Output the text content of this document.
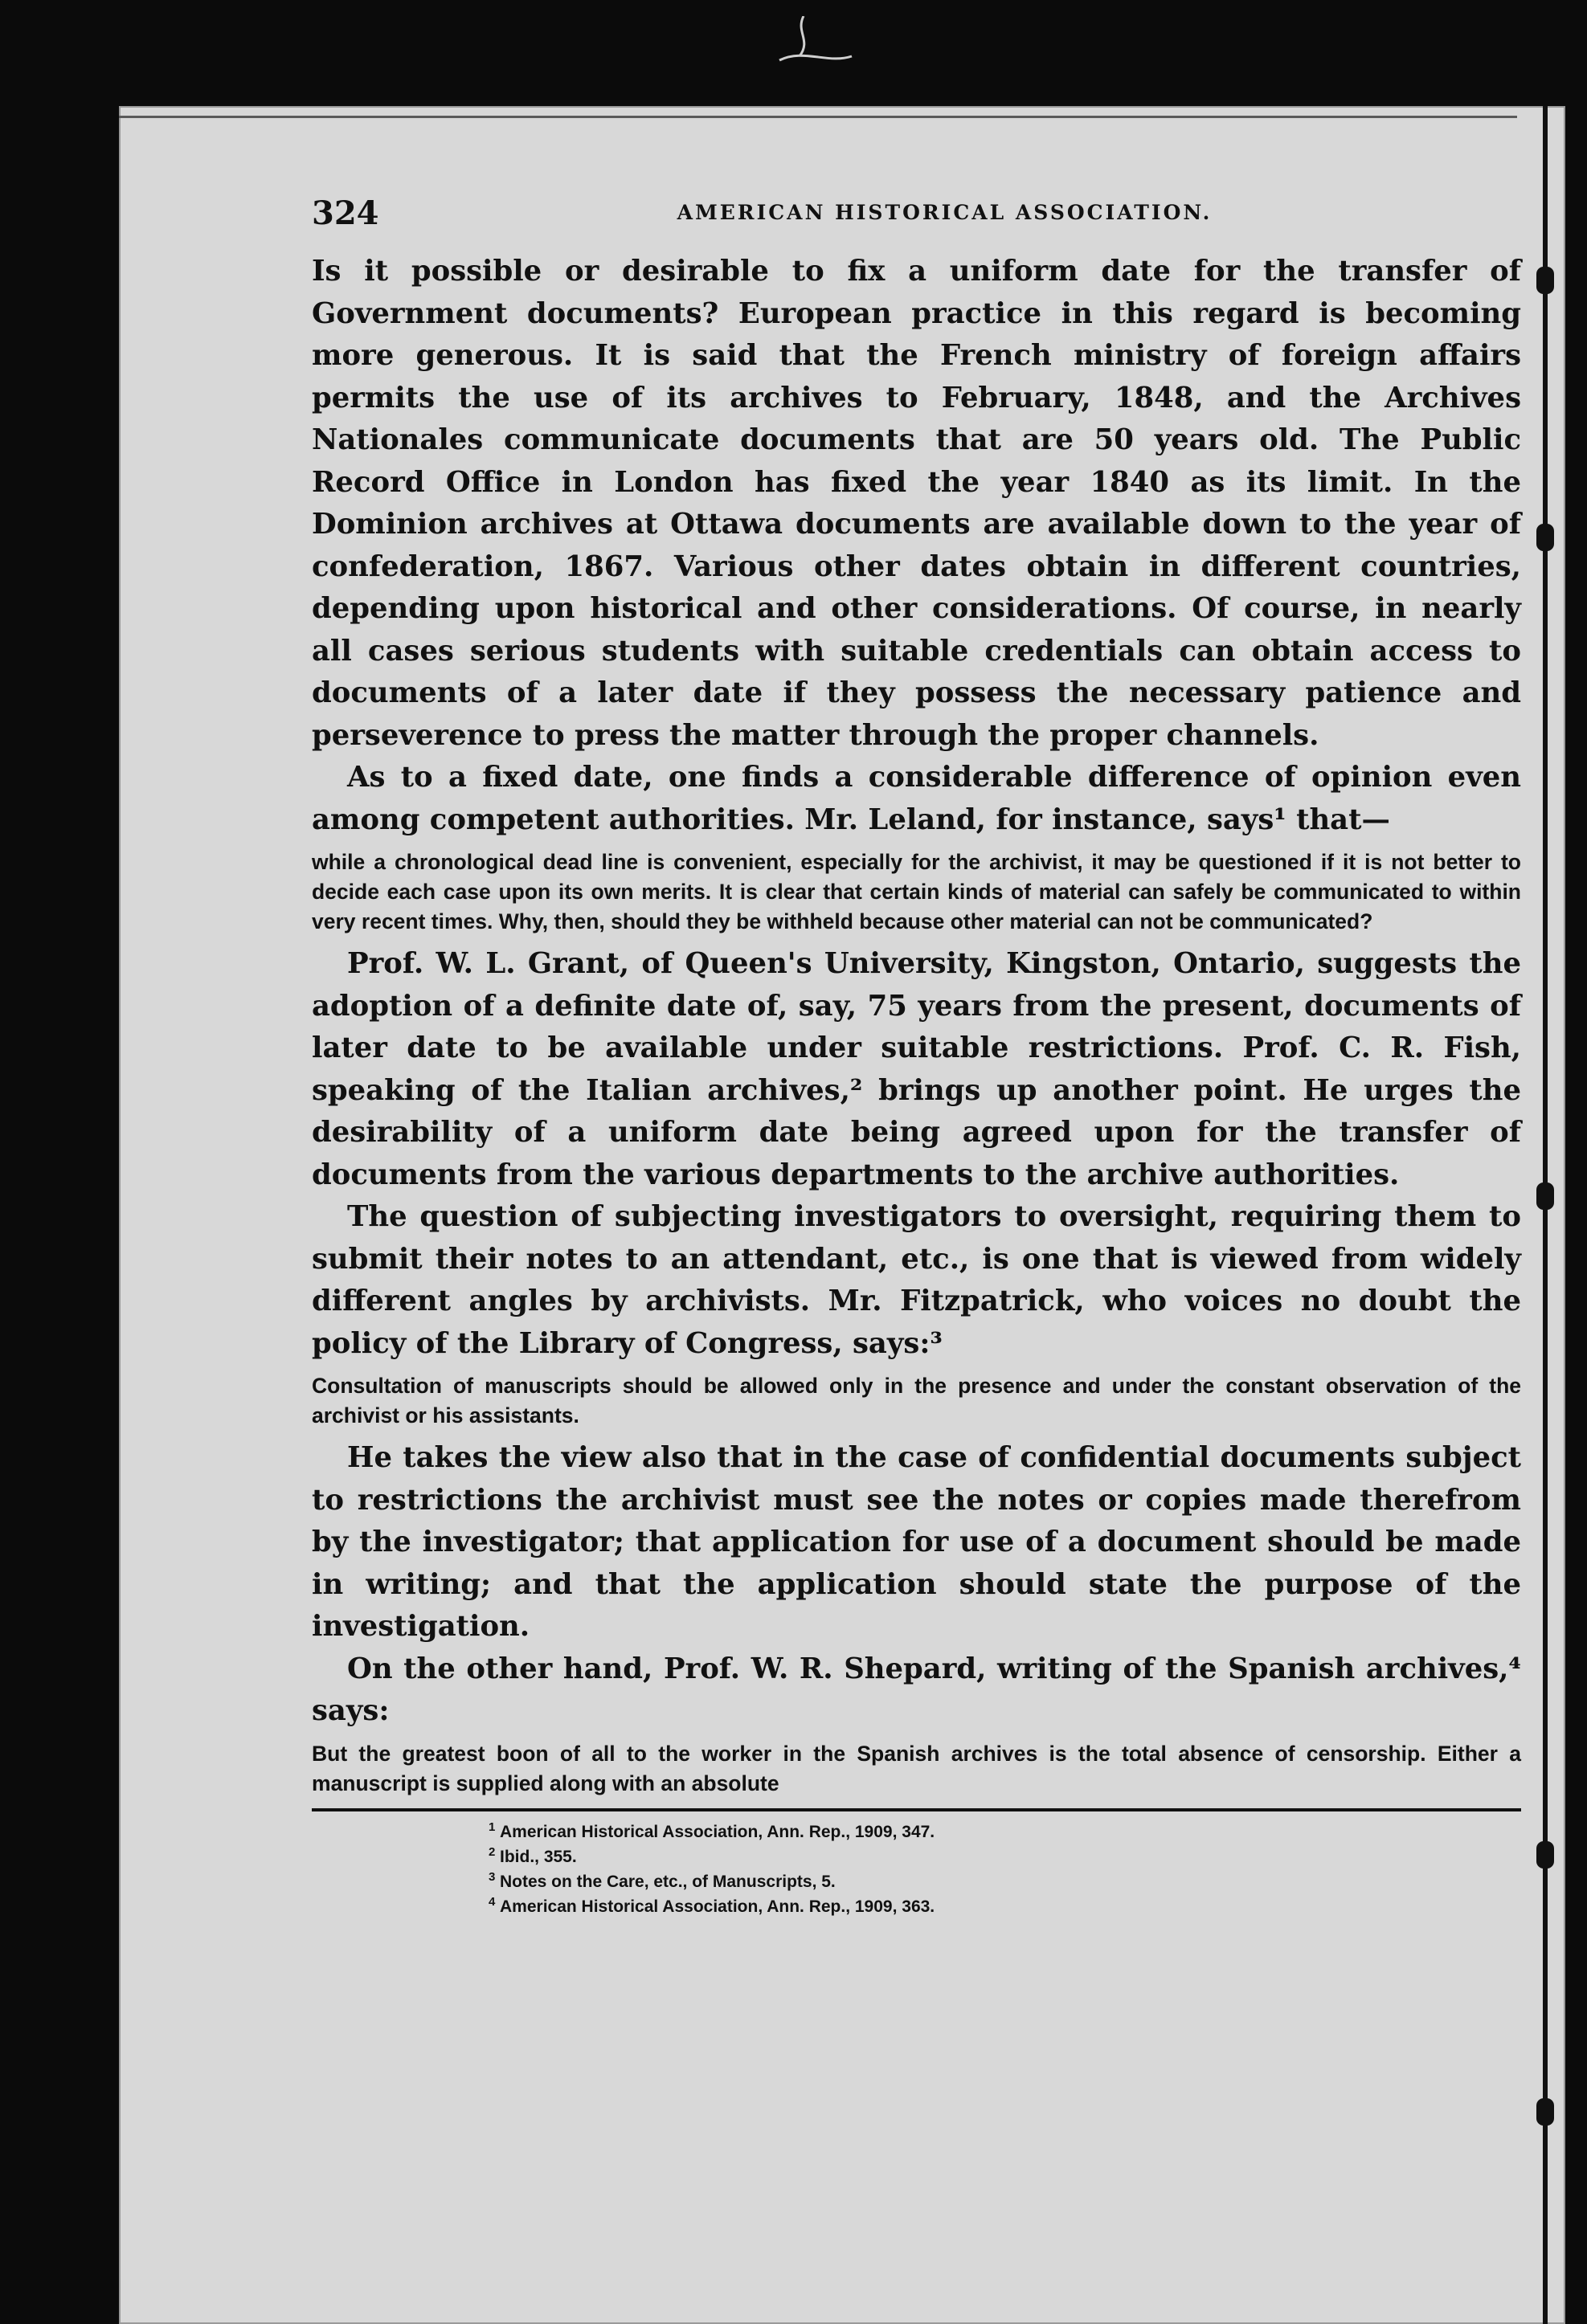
324	AMERICAN HISTORICAL ASSOCIATION.

Is it possible or desirable to fix a uniform date for the transfer of Government documents? European practice in this regard is becoming more generous. It is said that the French ministry of foreign affairs permits the use of its archives to February, 1848, and the Archives Nationales communicate documents that are 50 years old. The Public Record Office in London has fixed the year 1840 as its limit. In the Dominion archives at Ottawa documents are available down to the year of confederation, 1867. Various other dates obtain in different countries, depending upon historical and other considerations. Of course, in nearly all cases serious students with suitable credentials can obtain access to documents of a later date if they possess the necessary patience and perseverence to press the matter through the proper channels.

As to a fixed date, one finds a considerable difference of opinion even among competent authorities. Mr. Leland, for instance, says¹ that—

while a chronological dead line is convenient, especially for the archivist, it may be questioned if it is not better to decide each case upon its own merits. It is clear that certain kinds of material can safely be communicated to within very recent times. Why, then, should they be withheld because other material can not be communicated?

Prof. W. L. Grant, of Queen's University, Kingston, Ontario, suggests the adoption of a definite date of, say, 75 years from the present, documents of later date to be available under suitable restrictions. Prof. C. R. Fish, speaking of the Italian archives,² brings up another point. He urges the desirability of a uniform date being agreed upon for the transfer of documents from the various departments to the archive authorities.

The question of subjecting investigators to oversight, requiring them to submit their notes to an attendant, etc., is one that is viewed from widely different angles by archivists. Mr. Fitzpatrick, who voices no doubt the policy of the Library of Congress, says:³

Consultation of manuscripts should be allowed only in the presence and under the constant observation of the archivist or his assistants.

He takes the view also that in the case of confidential documents subject to restrictions the archivist must see the notes or copies made therefrom by the investigator; that application for use of a document should be made in writing; and that the application should state the purpose of the investigation.

On the other hand, Prof. W. R. Shepard, writing of the Spanish archives,⁴ says:

But the greatest boon of all to the worker in the Spanish archives is the total absence of censorship. Either a manuscript is supplied along with an absolute

1 American Historical Association, Ann. Rep., 1909, 347.
2 Ibid., 355.
3 Notes on the Care, etc., of Manuscripts, 5.
4 American Historical Association, Ann. Rep., 1909, 363.
